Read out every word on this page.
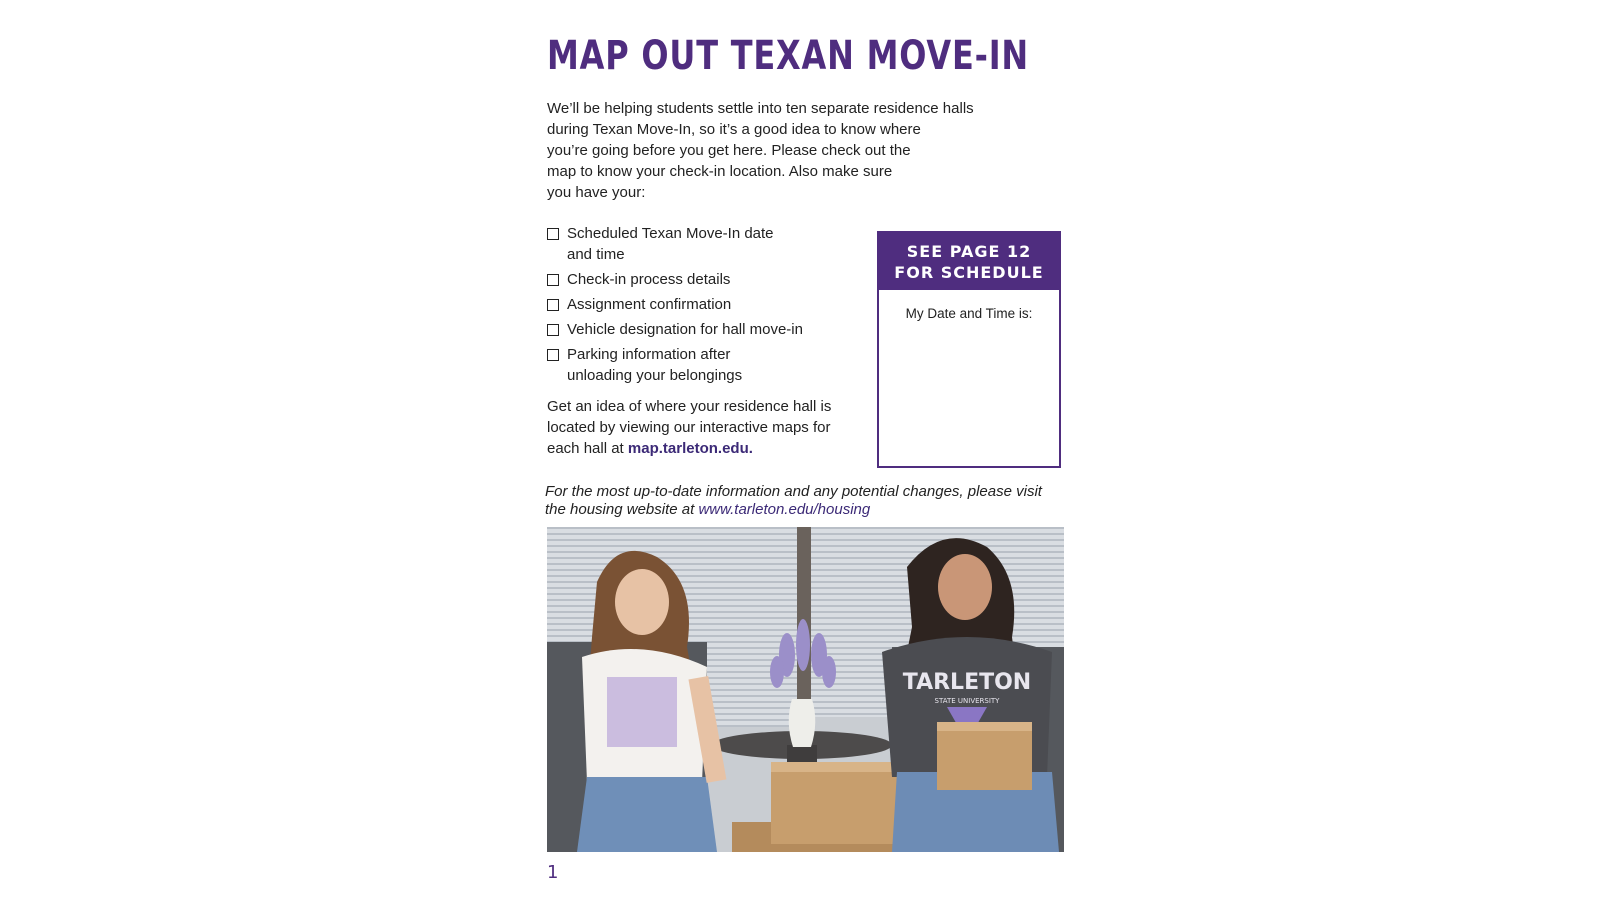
MAP OUT TEXAN MOVE-IN

We’ll be helping students settle into ten separate residence halls
during Texan Move-In, so it’s a good idea to know where
you’re going before you get here. Please check out the
map to know your check-in location. Also make sure
you have your:

Scheduled Texan Move-In date
and time
Check-in process details
Assignment confirmation
Vehicle designation for hall move-in
Parking information after
unloading your belongings

Get an idea of where your residence hall is
located by viewing our interactive maps for
each hall at map.tarleton.edu.

SEE PAGE 12
FOR SCHEDULE
My Date and Time is:

For the most up-to-date information and any potential changes, please visit
the housing website at www.tarleton.edu/housing

TARLETON
STATE UNIVERSITY
1
